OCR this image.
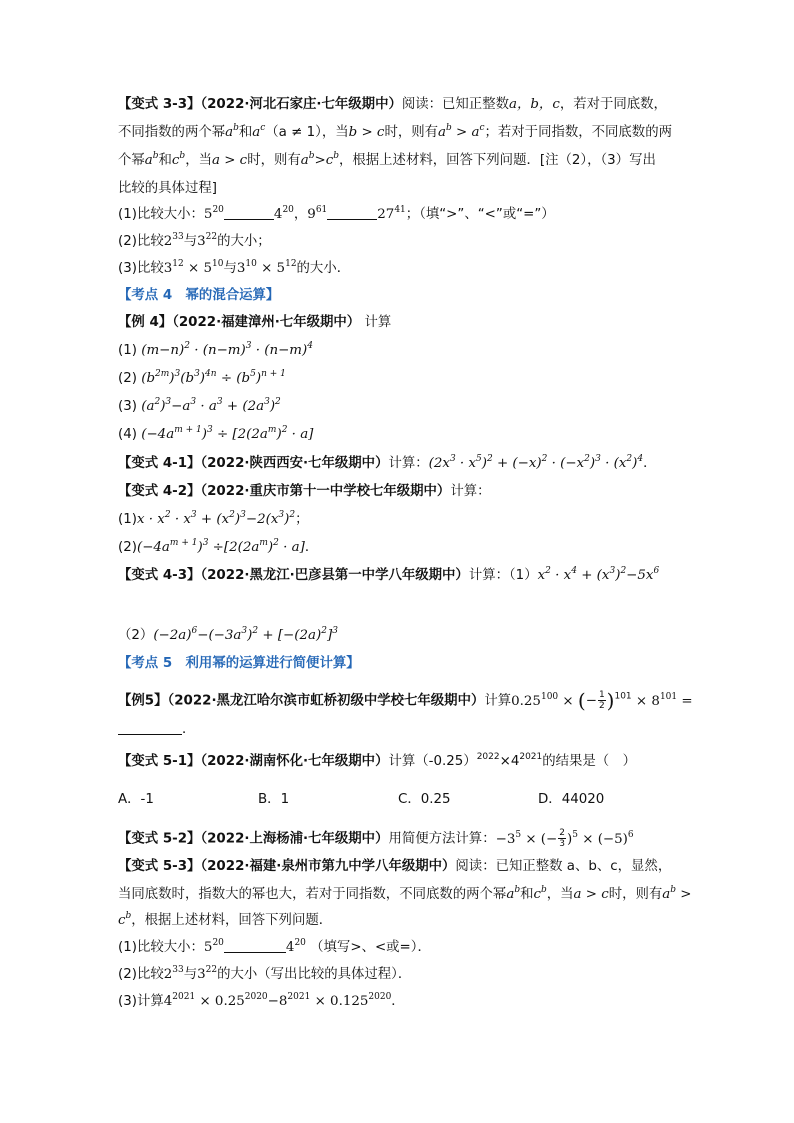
【变式 3-3】（2022·河北石家庄·七年级期中）阅读：已知正整数a，b，c，若对于同底数，
不同指数的两个幂$a^b$和$a^c(a \ne 1)$，当b > c时，则有$a^b > a^c$；若对于同指数，不同底数的两
个幂$a^b$和$c^b$，当a > c时，则有$a^b>c^b$，根据上述材料，回答下列问题．[注（2），（3）写出
比较的具体过程]
(1)比较大小：$5^{20}$	$4^{20}$，$9^{61}$	$27^{41}$；（填“>”、“<”或“=”）
(2)比较$2^{33}$与$3^{22}$的大小；
(3)比较$3^{12} \times 5^{10}$与$3^{10} \times 5^{12}$的大小．
【考点 4　幂的混合运算】
【例 4】（2022·福建漳州·七年级期中） 计算
(1) $(m-n)^2 \cdot (n-m)^3 \cdot (n-m)^4$
(2) $(b^{2m})^3(b^3)^{4n} \div (b^5)^{n + 1}$
(3) $(a^2)^3-a^3 \cdot a^3 + (2a^3)^2$
(4) $(-4a^{m + 1})^3 \div [2(2a^m)^2 \cdot a]$
【变式 4-1】（2022·陕西西安·七年级期中）计算：$(2x^3 \cdot x^5)^2 + (-x)^2 \cdot (-x^2)^3 \cdot (x^2)^4$．
【变式 4-2】（2022·重庆市第十一中学校七年级期中）计算：
$(1)x \cdot x^2 \cdot x^3 + (x^2)^3-2(x^3)^2$；
$(2)(-4a^{m + 1})^3 \div[2(2a^m)^2 \cdot a]$．
【变式 4-3】（2022·黑龙江·巴彦县第一中学八年级期中）计算：$(1)x^2 \cdot x^4 + (x^3)^2-5x^6$
$(2)(-2a)^6-(-3a^3)^2 + [-(2a)^2]^3$
【考点 5　利用幂的运算进行简便计算】
【例5】（2022·黑龙江哈尔滨市虹桥初级中学校七年级期中）计算$0.25^{100}$ × (− $\frac{1}{2} )^{101} \times 8^{101}$ =
．
【变式 5-1】（2022·湖南怀化·七年级期中）计算$(-0.25)^{2022}\times 4^{2021}$的结果是（　）
A．-1	B．1	C．0.25	D．44020
【变式 5-2】（2022·上海杨浦·七年级期中）用简便方法计算：$-3^5$ × (− $\frac{2}{3} )^5 \times (-5)^6$
【变式 5-3】（2022·福建·泉州市第九中学八年级期中）阅读：已知正整数 a、b、c，显然，
当同底数时，指数大的幂也大，若对于同指数，不同底数的两个幂$a^b$和$c^b$，当a > c时，则有$a^b$ >
$c^b$，根据上述材料，回答下列问题．
(1)比较大小：$5^{20}$	$4^{20}$ （填写>、<或=）．
(2)比较$2^{33}$与$3^{22}$的大小（写出比较的具体过程）．
(3)计算$4^{2021} \times 0.25^{2020}-8^{2021} \times 0.125^{2020}$．
